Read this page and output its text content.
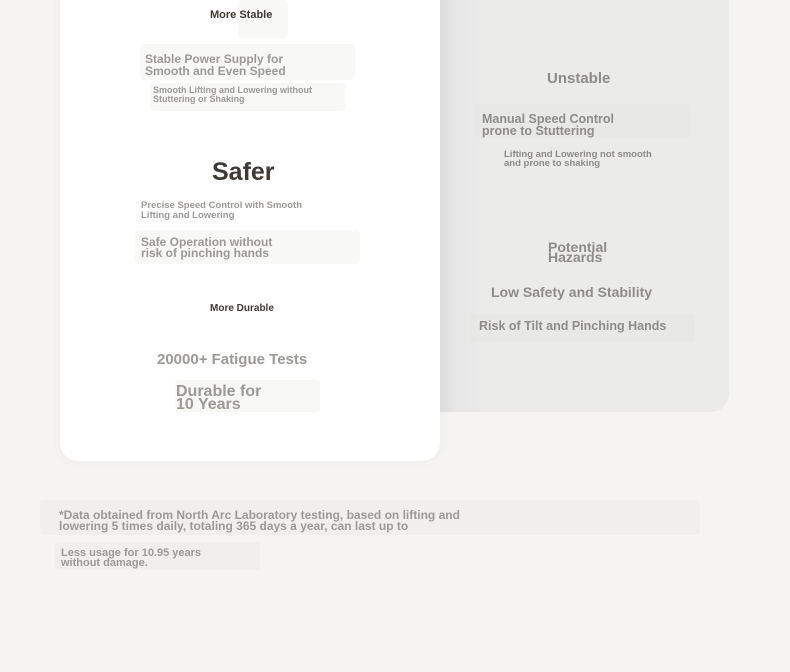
More Stable
Stable Power Supply for
Smooth and Even Speed
Smooth Lifting and Lowering without
Stuttering or Shaking
Safer
Precise Speed Control with Smooth
Lifting and Lowering
Safe Operation without
risk of pinching hands
More Durable
20000+ Fatigue Tests
Durable for
10 Years
Unstable
Manual Speed Control
prone to Stuttering
Lifting and Lowering not smooth
and prone to shaking
Potential
Hazards
Low Safety and Stability
Risk of Tilt and Pinching Hands
*Data obtained from North Arc Laboratory testing, based on lifting and
lowering 5 times daily, totaling 365 days a year, can last up to
Less usage for 10.95 years
without damage.
